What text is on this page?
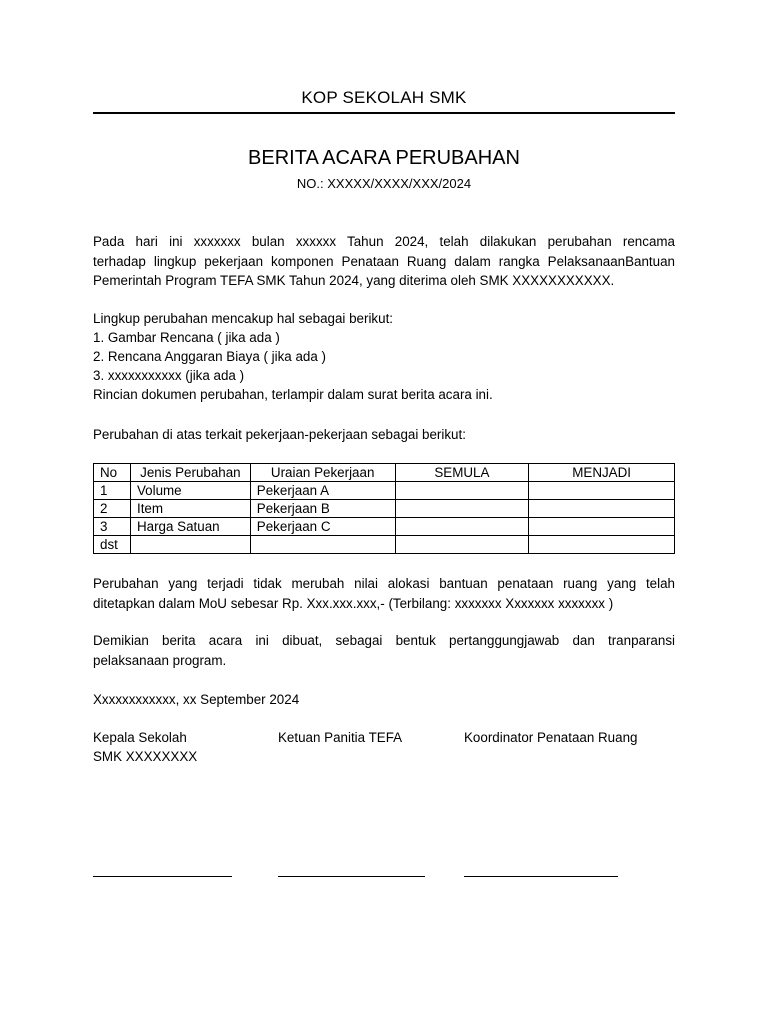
KOP SEKOLAH SMK
BERITA ACARA PERUBAHAN
NO.: XXXXX/XXXX/XXX/2024
Pada hari ini xxxxxxx bulan xxxxxx Tahun 2024, telah dilakukan perubahan rencama
terhadap lingkup pekerjaan komponen Penataan Ruang dalam rangka PelaksanaanBantuan
Pemerintah Program TEFA SMK Tahun 2024, yang diterima oleh SMK XXXXXXXXXXX.
Lingkup perubahan mencakup hal sebagai berikut:
1. Gambar Rencana ( jika ada )
2. Rencana Anggaran Biaya ( jika ada )
3. xxxxxxxxxxx (jika ada )
Rincian dokumen perubahan, terlampir dalam surat berita acara ini.
Perubahan di atas terkait pekerjaan-pekerjaan sebagai berikut:
No	Jenis Perubahan	Uraian Pekerjaan	SEMULA	MENJADI
1	Volume	Pekerjaan A		
2	Item	Pekerjaan B		
3	Harga Satuan	Pekerjaan C		
dst				
Perubahan yang terjadi tidak merubah nilai alokasi bantuan penataan ruang yang telah
ditetapkan dalam MoU sebesar Rp. Xxx.xxx.xxx,- (Terbilang: xxxxxxx Xxxxxxx xxxxxxx )
Demikian berita acara ini dibuat, sebagai bentuk pertanggungjawab dan tranparansi
pelaksanaan program.
Xxxxxxxxxxxx, xx September 2024
Kepala Sekolah
SMK XXXXXXXX
Ketuan Panitia TEFA	Koordinator Penataan Ruang
